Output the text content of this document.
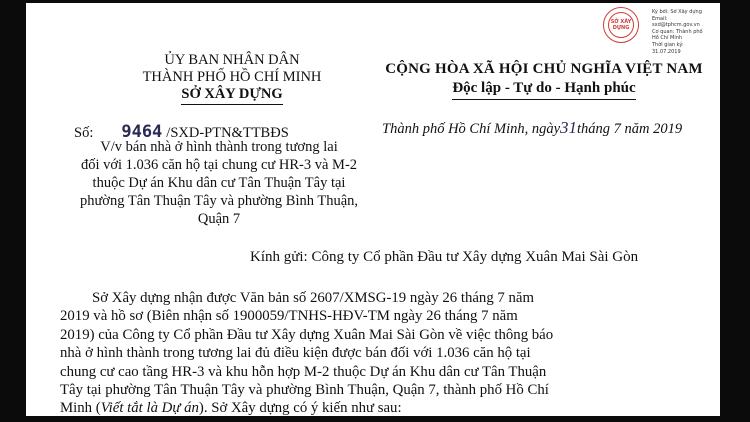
SỞ XÂY DỰNG
Ký bởi: Sở Xây dựng
Email:
sxd@tphcm.gov.vn
Cơ quan: Thành phố
Hồ Chí Minh
Thời gian ký:
31.07.2019
ỦY BAN NHÂN DÂN
THÀNH PHỐ HỒ CHÍ MINH
SỞ XÂY DỰNG
CỘNG HÒA XÃ HỘI CHỦ NGHĨA VIỆT NAM
Độc lập - Tự do - Hạnh phúc
Số: 9464 /SXD-PTN&TTBĐS	Thành phố Hồ Chí Minh, ngày31tháng 7 năm 2019
V/v bán nhà ở hình thành trong tương lai
đối với 1.036 căn hộ tại chung cư HR-3 và M-2
thuộc Dự án Khu dân cư Tân Thuận Tây tại
phường Tân Thuận Tây và phường Bình Thuận,
Quận 7
Kính gửi: Công ty Cổ phần Đầu tư Xây dựng Xuân Mai Sài Gòn
Sở Xây dựng nhận được Văn bản số 2607/XMSG-19 ngày 26 tháng 7 năm
2019 và hồ sơ (Biên nhận số 1900059/TNHS-HĐV-TM ngày 26 tháng 7 năm
2019) của Công ty Cổ phần Đầu tư Xây dựng Xuân Mai Sài Gòn về việc thông báo
nhà ở hình thành trong tương lai đủ điều kiện được bán đối với 1.036 căn hộ tại
chung cư cao tầng HR-3 và khu hỗn hợp M-2 thuộc Dự án Khu dân cư Tân Thuận
Tây tại phường Tân Thuận Tây và phường Bình Thuận, Quận 7, thành phố Hồ Chí
Minh (Viết tắt là Dự án). Sở Xây dựng có ý kiến như sau:
